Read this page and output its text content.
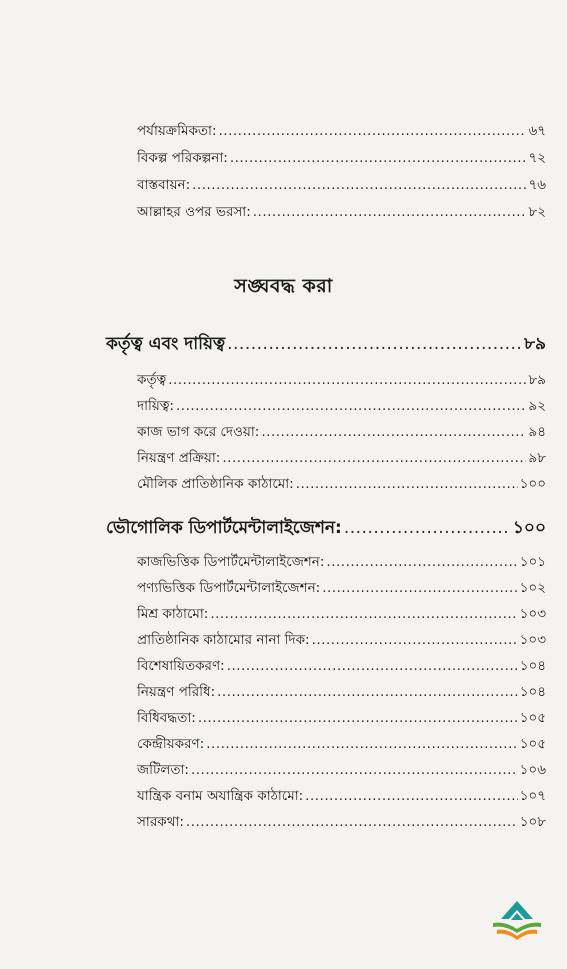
পর্যায়ক্রমিকতা: .....	৬৭
বিকল্প পরিকল্পনা: .....	৭২
বাস্তবায়ন: .....	৭৬
আল্লাহর ওপর ভরসা: .....	৮২
সঙ্ঘবদ্ধ করা
কর্তৃত্ব এবং দায়িত্ব .....	৮৯
কর্তৃত্ব .....	৮৯
দায়িত্ব: .....	৯২
কাজ ভাগ করে দেওয়া: .....	৯৪
নিয়ন্ত্রণ প্রক্রিয়া: .....	৯৮
মৌলিক প্রাতিষ্ঠানিক কাঠামো: .....	১০০
ভৌগোলিক ডিপার্টমেন্টালাইজেশন: .....	১০০
কাজভিত্তিক ডিপার্টমেন্টালাইজেশন: .....	১০১
পণ্যভিত্তিক ডিপার্টমেন্টালাইজেশন: .....	১০২
মিশ্র কাঠামো: .....	১০৩
প্রাতিষ্ঠানিক কাঠামোর নানা দিক: .....	১০৩
বিশেষায়িতকরণ: .....	১০৪
নিয়ন্ত্রণ পরিধি: .....	১০৪
বিধিবদ্ধতা: .....	১০৫
কেন্দ্রীয়করণ: .....	১০৫
জটিলতা: .....	১০৬
যান্ত্রিক বনাম অযান্ত্রিক কাঠামো: .....	১০৭
সারকথা: .....	১০৮
